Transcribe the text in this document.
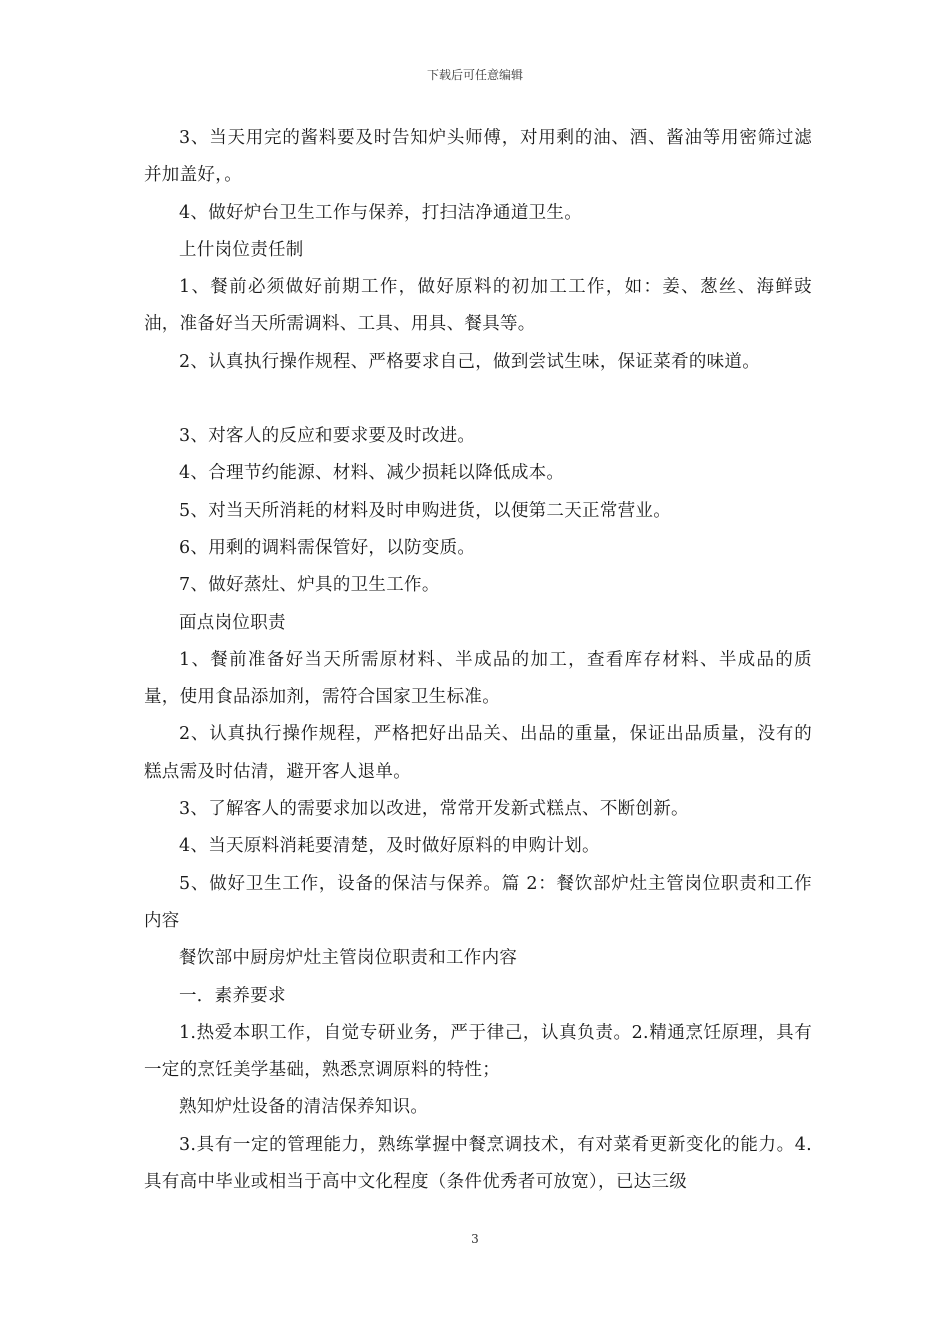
下载后可任意编辑

3、当天用完的酱料要及时告知炉头师傅，对用剩的油、酒、酱油等用密筛过滤并加盖好，。

4、做好炉台卫生工作与保养，打扫洁净通道卫生。

上什岗位责任制

1、餐前必须做好前期工作，做好原料的初加工工作，如：姜、葱丝、海鲜豉油，准备好当天所需调料、工具、用具、餐具等。

2、认真执行操作规程、严格要求自己，做到尝试生味，保证菜肴的味道。

3、对客人的反应和要求要及时改进。

4、合理节约能源、材料、减少损耗以降低成本。

5、对当天所消耗的材料及时申购进货，以便第二天正常营业。

6、用剩的调料需保管好，以防变质。

7、做好蒸灶、炉具的卫生工作。

面点岗位职责

1、餐前准备好当天所需原材料、半成品的加工，查看库存材料、半成品的质量，使用食品添加剂，需符合国家卫生标准。

2、认真执行操作规程，严格把好出品关、出品的重量，保证出品质量，没有的糕点需及时估清，避开客人退单。

3、了解客人的需要求加以改进，常常开发新式糕点、不断创新。

4、当天原料消耗要清楚，及时做好原料的申购计划。

5、做好卫生工作，设备的保洁与保养。篇 2：餐饮部炉灶主管岗位职责和工作内容

餐饮部中厨房炉灶主管岗位职责和工作内容

一．素养要求

1.热爱本职工作，自觉专研业务，严于律己，认真负责。2.精通烹饪原理，具有一定的烹饪美学基础，熟悉烹调原料的特性；

熟知炉灶设备的清洁保养知识。

3.具有一定的管理能力，熟练掌握中餐烹调技术，有对菜肴更新变化的能力。4.具有高中毕业或相当于高中文化程度（条件优秀者可放宽），已达三级

3
